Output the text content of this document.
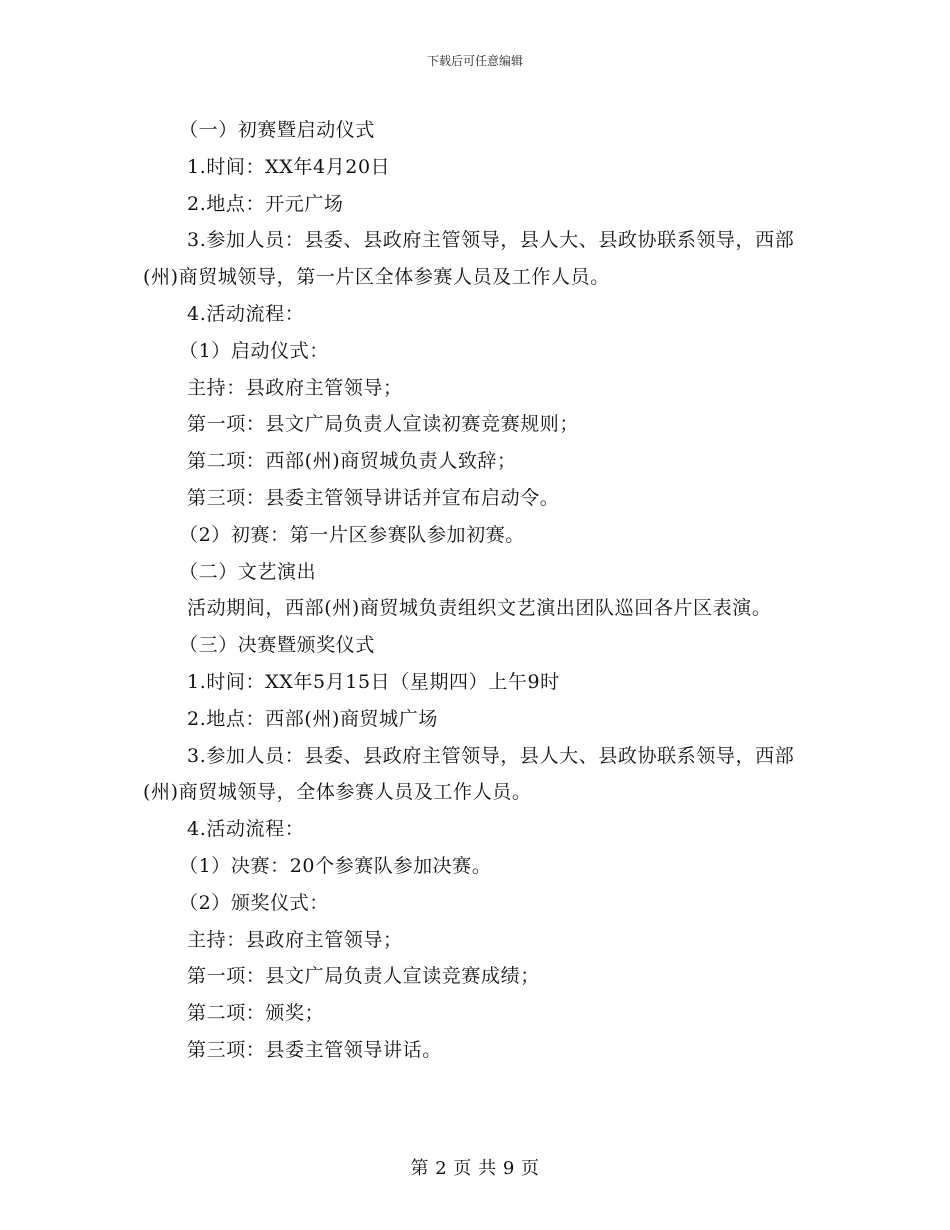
下载后可任意编辑

（一）初赛暨启动仪式

1.时间：XX年4月20日

2.地点：开元广场

3.参加人员：县委、县政府主管领导，县人大、县政协联系领导，西部(州)商贸城领导，第一片区全体参赛人员及工作人员。

4.活动流程：

（1）启动仪式：

主持：县政府主管领导；

第一项：县文广局负责人宣读初赛竞赛规则；

第二项：西部(州)商贸城负责人致辞；

第三项：县委主管领导讲话并宣布启动令。

（2）初赛：第一片区参赛队参加初赛。

（二）文艺演出

活动期间，西部(州)商贸城负责组织文艺演出团队巡回各片区表演。

（三）决赛暨颁奖仪式

1.时间：XX年5月15日（星期四）上午9时

2.地点：西部(州)商贸城广场

3.参加人员：县委、县政府主管领导，县人大、县政协联系领导，西部(州)商贸城领导，全体参赛人员及工作人员。

4.活动流程：

（1）决赛：20个参赛队参加决赛。

（2）颁奖仪式：

主持：县政府主管领导；

第一项：县文广局负责人宣读竞赛成绩；

第二项：颁奖；

第三项：县委主管领导讲话。

第 2 页 共 9 页
